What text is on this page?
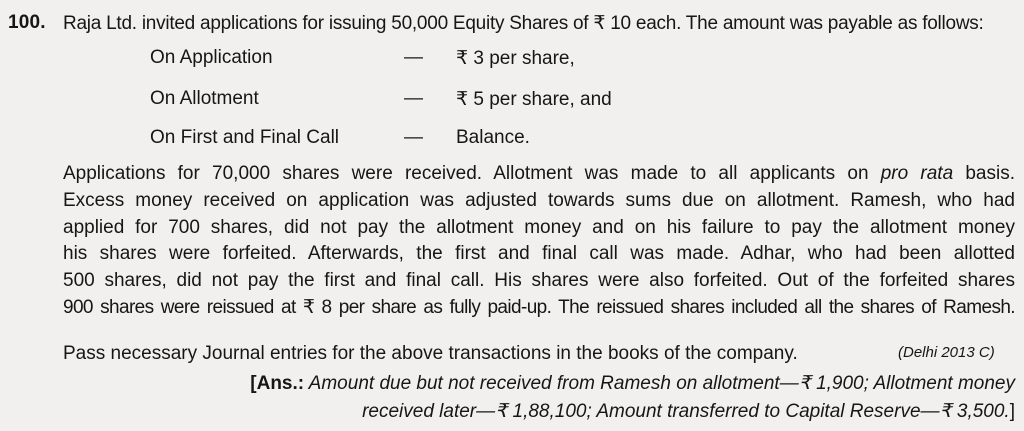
100. Raja Ltd. invited applications for issuing 50,000 Equity Shares of ₹ 10 each. The amount was payable as follows:
On Application	— ₹ 3 per share,
On Allotment	— ₹ 5 per share, and
On First and Final Call	— Balance.
Applications for 70,000 shares were received. Allotment was made to all applicants on pro rata basis.
Excess money received on application was adjusted towards sums due on allotment. Ramesh, who had
applied for 700 shares, did not pay the allotment money and on his failure to pay the allotment money
his shares were forfeited. Afterwards, the first and final call was made. Adhar, who had been allotted
500 shares, did not pay the first and final call. His shares were also forfeited. Out of the forfeited shares
900 shares were reissued at ₹ 8 per share as fully paid-up. The reissued shares included all the shares of Ramesh.
Pass necessary Journal entries for the above transactions in the books of the company.	(Delhi 2013 C)
[Ans.: Amount due but not received from Ramesh on allotment—₹ 1,900; Allotment money
received later—₹ 1,88,100; Amount transferred to Capital Reserve—₹ 3,500.]
